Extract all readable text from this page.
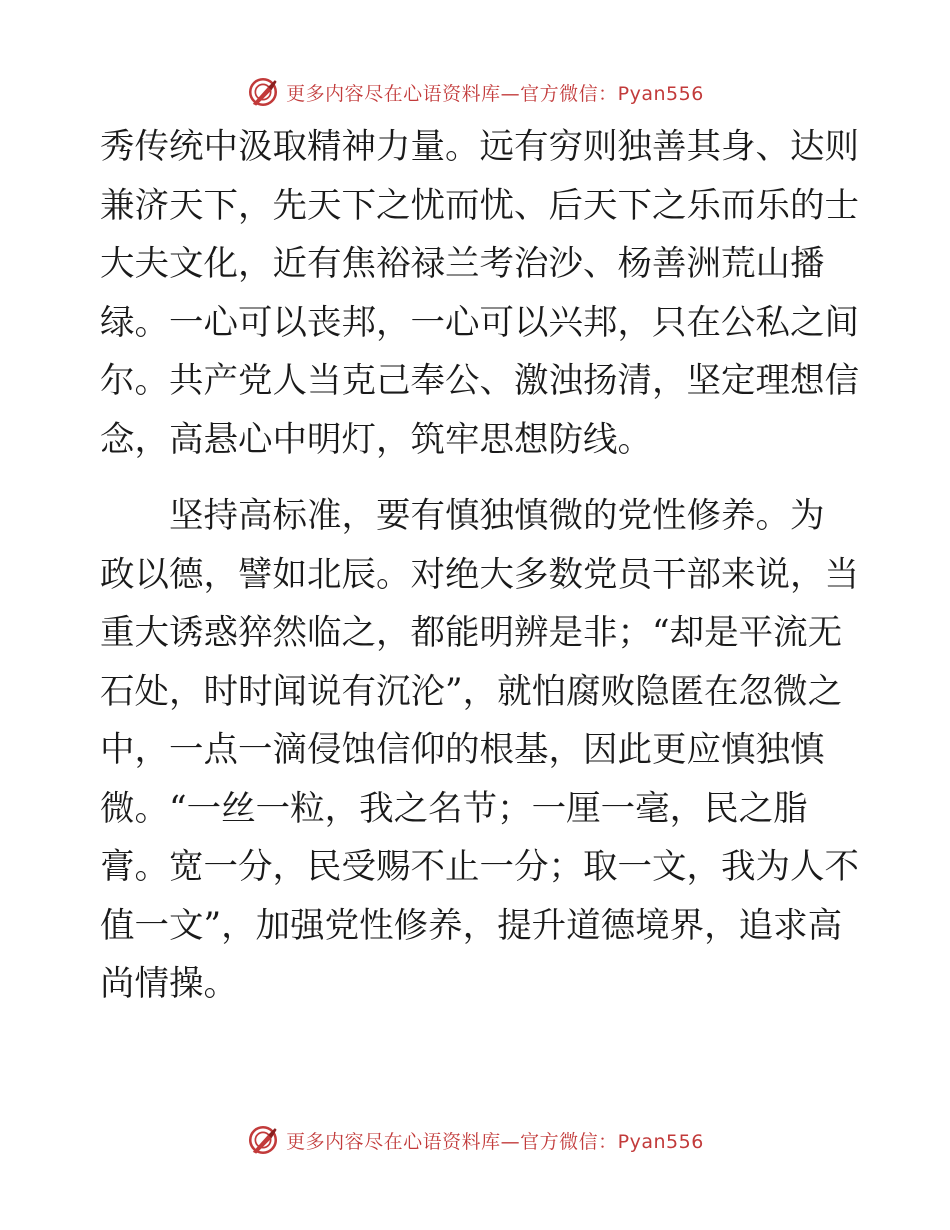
更多内容尽在心语资料库—官方微信：Pyan556
秀传统中汲取精神力量。远有穷则独善其身、达则
兼济天下，先天下之忧而忧、后天下之乐而乐的士
大夫文化，近有焦裕禄兰考治沙、杨善洲荒山播
绿。一心可以丧邦，一心可以兴邦，只在公私之间
尔。共产党人当克己奉公、激浊扬清，坚定理想信
念，高悬心中明灯，筑牢思想防线。
　　坚持高标准，要有慎独慎微的党性修养。为
政以德，譬如北辰。对绝大多数党员干部来说，当
重大诱惑猝然临之，都能明辨是非；“却是平流无
石处，时时闻说有沉沦”，就怕腐败隐匿在忽微之
中，一点一滴侵蚀信仰的根基，因此更应慎独慎
微。“一丝一粒，我之名节；一厘一毫，民之脂
膏。宽一分，民受赐不止一分；取一文，我为人不
值一文”，加强党性修养，提升道德境界，追求高
尚情操。
更多内容尽在心语资料库—官方微信：Pyan556
